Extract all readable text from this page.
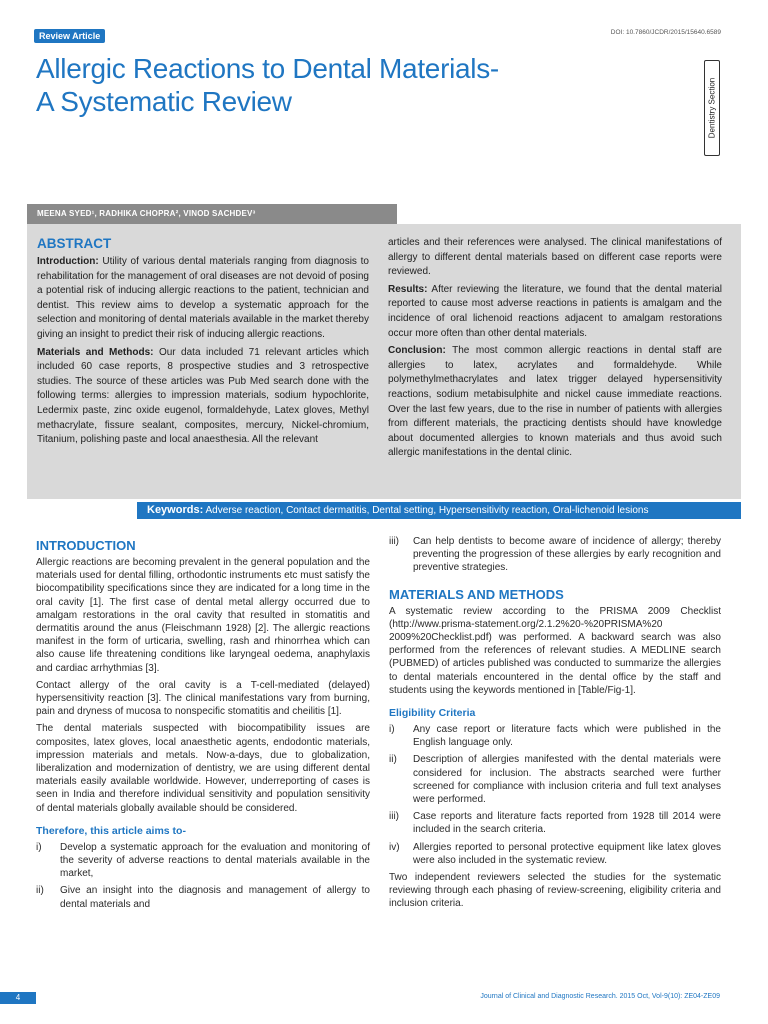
Review Article	DOI: 10.7860/JCDR/2015/15640.6589
Allergic Reactions to Dental Materials-
A Systematic Review	Dentistry Section
MEENA SYED¹, RADHIKA CHOPRA², VINOD SACHDEV³
ABSTRACT

Introduction: Utility of various dental materials ranging from diagnosis to rehabilitation for the management of oral diseases are not devoid of posing a potential risk of inducing allergic reactions to the patient, technician and dentist. This review aims to develop a systematic approach for the selection and monitoring of dental materials available in the market thereby giving an insight to predict their risk of inducing allergic reactions.

Materials and Methods: Our data included 71 relevant articles which included 60 case reports, 8 prospective studies and 3 retrospective studies. The source of these articles was Pub Med search done with the following terms: allergies to impression materials, sodium hypochlorite, Ledermix paste, zinc oxide eugenol, formaldehyde, Latex gloves, Methyl methacrylate, fissure sealant, composites, mercury, Nickel-chromium, Titanium, polishing paste and local anaesthesia. All the relevant

articles and their references were analysed. The clinical manifestations of allergy to different dental materials based on different case reports were reviewed.

Results: After reviewing the literature, we found that the dental material reported to cause most adverse reactions in patients is amalgam and the incidence of oral lichenoid reactions adjacent to amalgam restorations occur more often than other dental materials.

Conclusion: The most common allergic reactions in dental staff are allergies to latex, acrylates and formaldehyde. While polymethylmethacrylates and latex trigger delayed hypersensitivity reactions, sodium metabisulphite and nickel cause immediate reactions. Over the last few years, due to the rise in number of patients with allergies from different materials, the practicing dentists should have knowledge about documented allergies to known materials and thus avoid such allergic manifestations in the dental clinic.

Keywords: Adverse reaction, Contact dermatitis, Dental setting, Hypersensitivity reaction, Oral-lichenoid lesions
INTRODUCTION

Allergic reactions are becoming prevalent in the general population and the materials used for dental filling, orthodontic instruments etc must satisfy the biocompatibility specifications since they are indicated for a long time in the oral cavity [1]. The first case of dental metal allergy occurred due to amalgam restorations in the oral cavity that resulted in stomatitis and dermatitis around the anus (Fleischmann 1928) [2]. The allergic reactions manifest in the form of urticaria, swelling, rash and rhinorrhea which can also cause life threatening conditions like laryngeal oedema, anaphylaxis and cardiac arrhythmias [3].

Contact allergy of the oral cavity is a T-cell-mediated (delayed) hypersensitivity reaction [3]. The clinical manifestations vary from burning, pain and dryness of mucosa to nonspecific stomatitis and cheilitis [1].

The dental materials suspected with biocompatibility issues are composites, latex gloves, local anaesthetic agents, endodontic materials, impression materials and metals. Now-a-days, due to globalization, liberalization and modernization of dentistry, we are using different dental materials easily available worldwide. However, underreporting of cases is seen in India and therefore individual sensitivity and population sensitivity of dental materials globally available should be considered.

Therefore, this article aims to-
i) Develop a systematic approach for the evaluation and monitoring of the severity of adverse reactions to dental materials available in the market,
ii) Give an insight into the diagnosis and management of allergy to dental materials and
iii) Can help dentists to become aware of incidence of allergy; thereby preventing the progression of these allergies by early recognition and preventive strategies.
MATERIALS AND METHODS

A systematic review according to the PRISMA 2009 Checklist (http://www.prisma-statement.org/2.1.2%20-%20PRISMA%20 2009%20Checklist.pdf) was performed. A backward search was also performed from the references of relevant studies. A MEDLINE search (PUBMED) of articles published was conducted to summarize the allergies to dental materials encountered in the dental office by the staff and students using the keywords mentioned in [Table/Fig-1].

Eligibility Criteria
i) Any case report or literature facts which were published in the English language only.
ii) Description of allergies manifested with the dental materials were considered for inclusion. The abstracts searched were further screened for compliance with inclusion criteria and full text analyses were performed.
iii) Case reports and literature facts reported from 1928 till 2014 were included in the search criteria.
iv) Allergies reported to personal protective equipment like latex gloves were also included in the systematic review.

Two independent reviewers selected the studies for the systematic reviewing through each phasing of review-screening, eligibility criteria and inclusion criteria.

4	Journal of Clinical and Diagnostic Research. 2015 Oct, Vol-9(10): ZE04-ZE09
